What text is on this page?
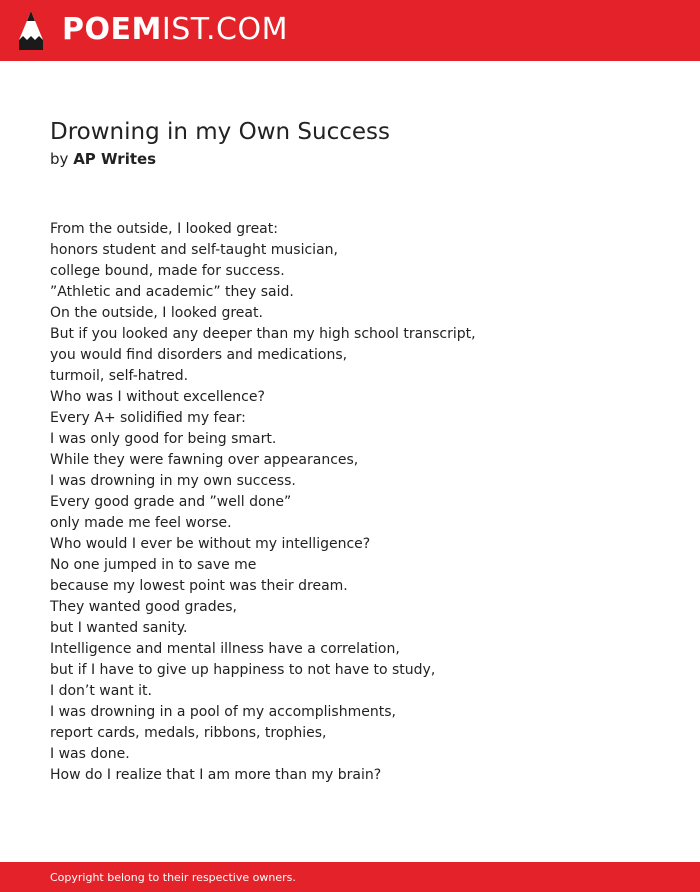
POEMIST.COM
Drowning in my Own Success
by AP Writes
From the outside, I looked great:
honors student and self-taught musician,
college bound, made for success.
”Athletic and academic” they said.
On the outside, I looked great.
But if you looked any deeper than my high school transcript,
you would find disorders and medications,
turmoil, self-hatred.
Who was I without excellence?
Every A+ solidified my fear:
I was only good for being smart.
While they were fawning over appearances,
I was drowning in my own success.
Every good grade and ”well done”
only made me feel worse.
Who would I ever be without my intelligence?
No one jumped in to save me
because my lowest point was their dream.
They wanted good grades,
but I wanted sanity.
Intelligence and mental illness have a correlation,
but if I have to give up happiness to not have to study,
I don’t want it.
I was drowning in a pool of my accomplishments,
report cards, medals, ribbons, trophies,
I was done.
How do I realize that I am more than my brain?
Copyright belong to their respective owners.
